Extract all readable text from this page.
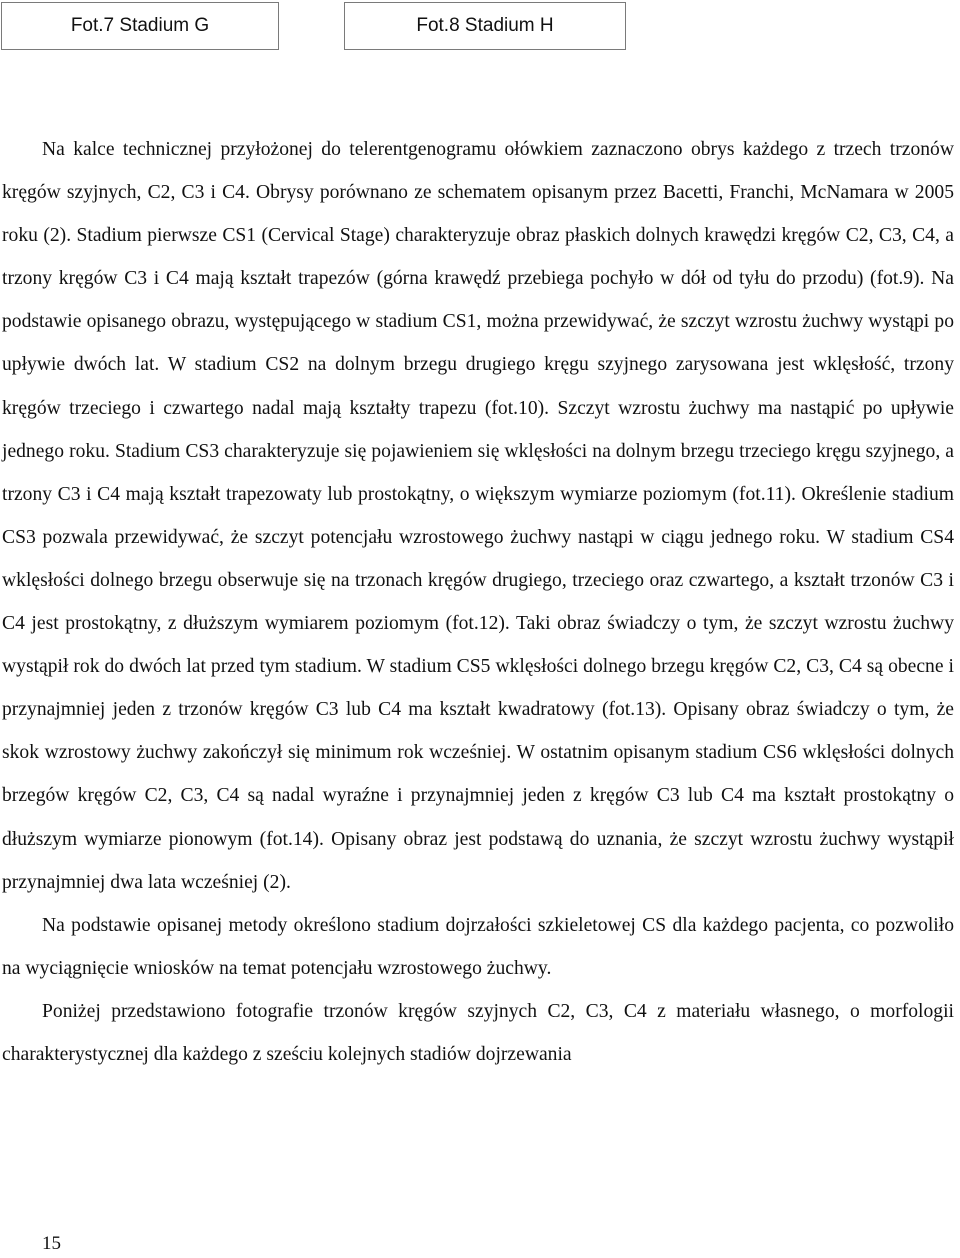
Fot.7 Stadium G	Fot.8 Stadium H

Na kalce technicznej przyłożonej do telerentgenogramu ołówkiem zaznaczono obrys każdego z trzech trzonów kręgów szyjnych, C2, C3 i C4. Obrysy porównano ze schematem opisanym przez Bacetti, Franchi, McNamara w 2005 roku (2). Stadium pierwsze CS1 (Cervical Stage) charakteryzuje obraz płaskich dolnych krawędzi kręgów C2, C3, C4, a trzony kręgów C3 i C4 mają kształt trapezów (górna krawędź przebiega pochyło w dół od tyłu do przodu) (fot.9). Na podstawie opisanego obrazu, występującego w stadium CS1, można przewidywać, że szczyt wzrostu żuchwy wystąpi po upływie dwóch lat. W stadium CS2 na dolnym brzegu drugiego kręgu szyjnego zarysowana jest wklęsłość, trzony kręgów trzeciego i czwartego nadal mają kształty trapezu (fot.10). Szczyt wzrostu żuchwy ma nastąpić po upływie jednego roku. Stadium CS3 charakteryzuje się pojawieniem się wklęsłości na dolnym brzegu trzeciego kręgu szyjnego, a trzony C3 i C4 mają kształt trapezowaty lub prostokątny, o większym wymiarze poziomym (fot.11). Określenie stadium CS3 pozwala przewidywać, że szczyt potencjału wzrostowego żuchwy nastąpi w ciągu jednego roku. W stadium CS4 wklęsłości dolnego brzegu obserwuje się na trzonach kręgów drugiego, trzeciego oraz czwartego, a kształt trzonów C3 i C4 jest prostokątny, z dłuższym wymiarem poziomym (fot.12). Taki obraz świadczy o tym, że szczyt wzrostu żuchwy wystąpił rok do dwóch lat przed tym stadium. W stadium CS5 wklęsłości dolnego brzegu kręgów C2, C3, C4 są obecne i przynajmniej jeden z trzonów kręgów C3 lub C4 ma kształt kwadratowy (fot.13). Opisany obraz świadczy o tym, że skok wzrostowy żuchwy zakończył się minimum rok wcześniej. W ostatnim opisanym stadium CS6 wklęsłości dolnych brzegów kręgów C2, C3, C4 są nadal wyraźne i przynajmniej jeden z kręgów C3 lub C4 ma kształt prostokątny o dłuższym wymiarze pionowym (fot.14). Opisany obraz jest podstawą do uznania, że szczyt wzrostu żuchwy wystąpił przynajmniej dwa lata wcześniej (2).

Na podstawie opisanej metody określono stadium dojrzałości szkieletowej CS dla każdego pacjenta, co pozwoliło na wyciągnięcie wniosków na temat potencjału wzrostowego żuchwy.

Poniżej przedstawiono fotografie trzonów kręgów szyjnych C2, C3, C4 z materiału własnego, o morfologii charakterystycznej dla każdego z sześciu kolejnych stadiów dojrzewania

15
